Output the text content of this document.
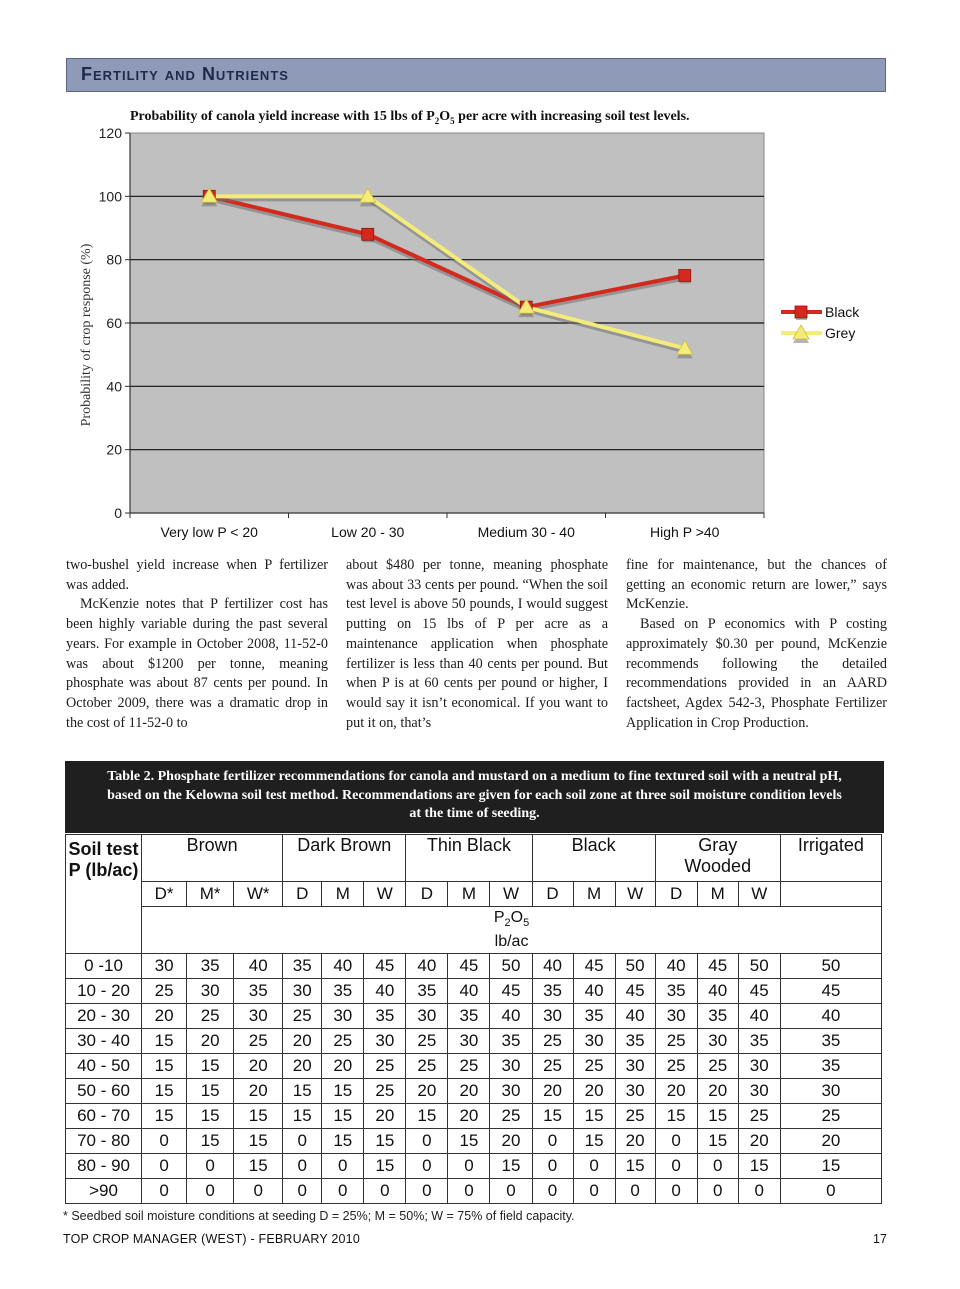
Fertility and Nutrients
Probability of canola yield increase with 15 lbs of $P_2O_5$ per acre with increasing soil test levels.
Probability of crop response (%)
0
20
40
60
80
100
120
Very low P < 20	Low 20 - 30	Medium 30 - 40	High P >40
Black
Grey

two-bushel yield increase when P fertilizer was added.

McKenzie notes that P fertilizer cost has been highly variable during the past several years. For example in October 2008, 11-52-0 was about $1200 per tonne, meaning phosphate was about 87 cents per pound. In October 2009, there was a dramatic drop in the cost of 11-52-0 to

about $480 per tonne, meaning phosphate was about 33 cents per pound. “When the soil test level is above 50 pounds, I would suggest putting on 15 lbs of P per acre as a maintenance application when phosphate fertilizer is less than 40 cents per pound. But when P is at 60 cents per pound or higher, I would say it isn’t economical. If you want to put it on, that’s

fine for maintenance, but the chances of getting an economic return are lower,” says McKenzie.

Based on P economics with P costing approximately $0.30 per pound, McKenzie recommends following the detailed recommendations provided in an AARD factsheet, Agdex 542-3, Phosphate Fertilizer Application in Crop Production.

Table 2. Phosphate fertilizer recommendations for canola and mustard on a medium to fine textured soil with a neutral pH, based on the Kelowna soil test method. Recommendations are given for each soil zone at three soil moisture condition levels at the time of seeding.
Soil test P (lb/ac)	Brown			Dark Brown			Thin Black			Black			Gray Wooded			Irrigated
	D*	M*	W*	D	M	W	D	M	W	D	M	W	D	M	W	
	$P_2O_5$
lb/ac															
0 -10	30	35	40	35	40	45	40	45	50	40	45	50	40	45	50	50
10 - 20	25	30	35	30	35	40	35	40	45	35	40	45	35	40	45	45
20 - 30	20	25	30	25	30	35	30	35	40	30	35	40	30	35	40	40
30 - 40	15	20	25	20	25	30	25	30	35	25	30	35	25	30	35	35
40 - 50	15	15	20	20	20	25	25	25	30	25	25	30	25	25	30	35
50 - 60	15	15	20	15	15	25	20	20	30	20	20	30	20	20	30	30
60 - 70	15	15	15	15	15	20	15	20	25	15	15	25	15	15	25	25
70 - 80	0	15	15	0	15	15	0	15	20	0	15	20	0	15	20	20
80 - 90	0	0	15	0	0	15	0	0	15	0	0	15	0	0	15	15
>90	0	0	0	0	0	0	0	0	0	0	0	0	0	0	0	0
* Seedbed soil moisture conditions at seeding D = 25%; M = 50%; W = 75% of field capacity.
TOP CROP MANAGER (WEST) - FEBRUARY 2010	17
